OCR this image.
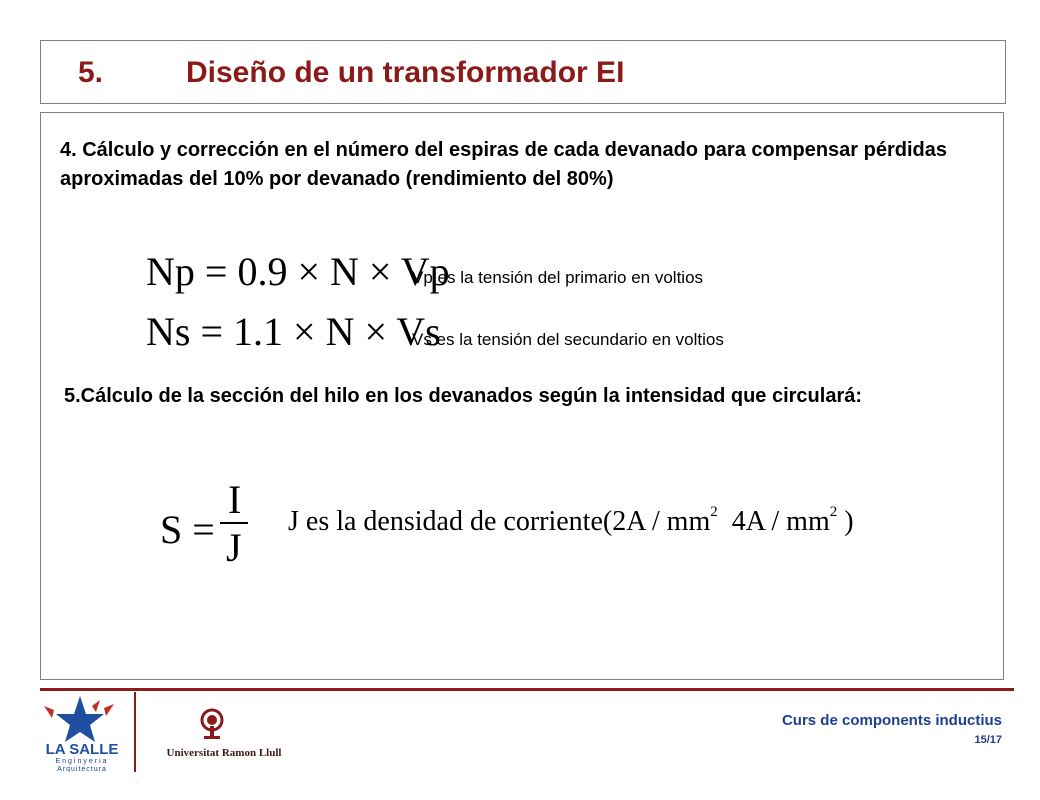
5.	Diseño de un transformador EI
4. Cálculo y corrección en el número del espiras de cada devanado para compensar pérdidas aproximadas del 10% por devanado (rendimiento del 80%)
Np = 0.9 × N × Vp
Vp es la tensión del primario en voltios
Ns = 1.1 × N × Vs
Vs es la tensión del secundario en voltios
5.Cálculo de la sección del hilo en los devanados según la intensidad que circulará:
S =
I
J
J es la densidad de corriente(2A / $mm^2$ $4A / mm^2$ )
LA SALLE
Enginyeria
Arquitectura
Universitat Ramon Llull
Curs de components inductius
15/17
